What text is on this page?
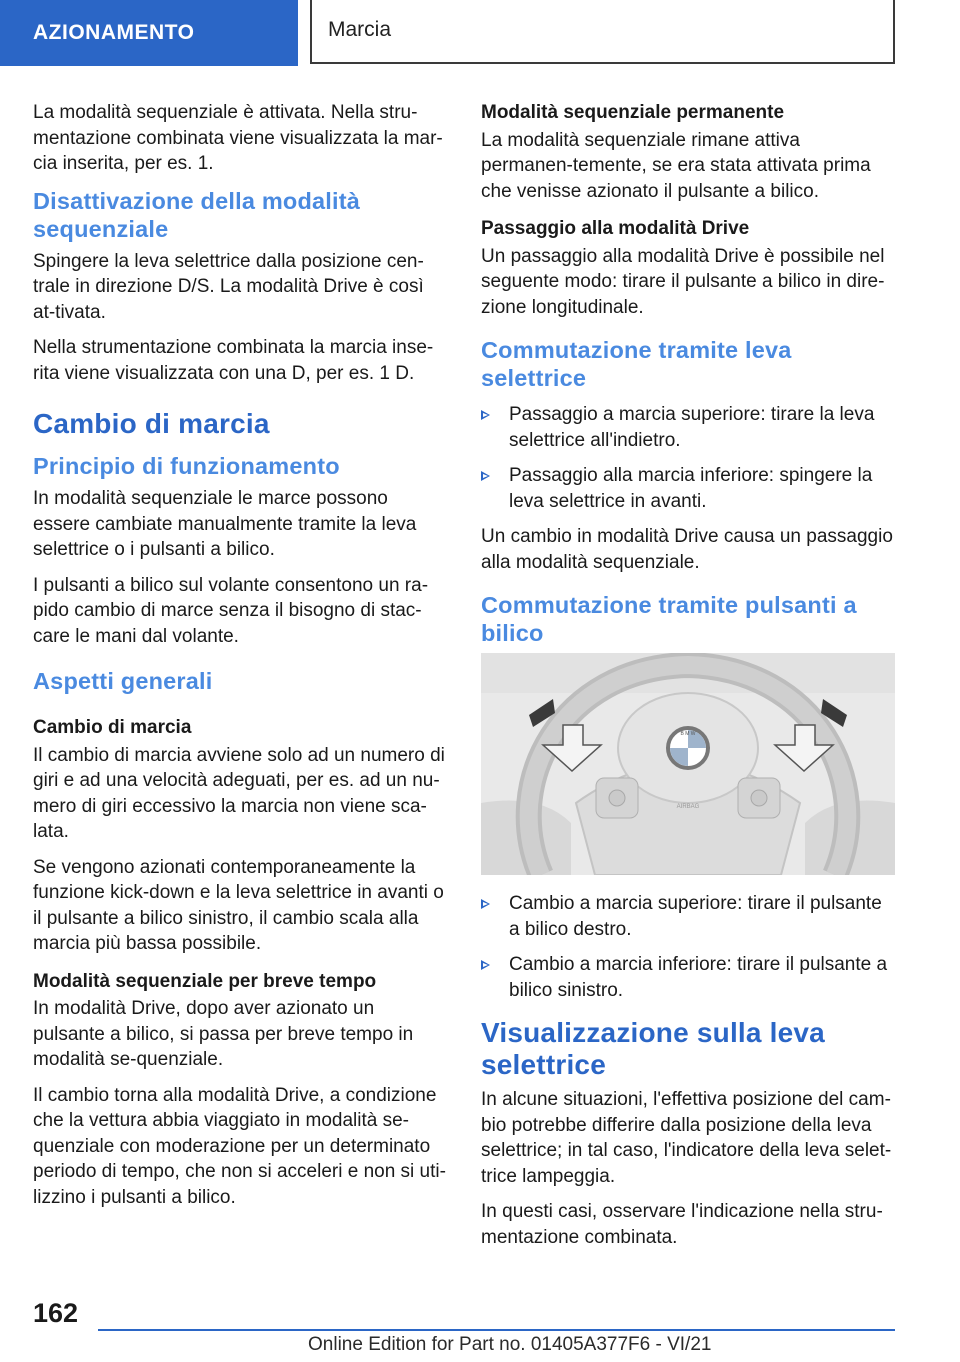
AZIONAMENTO	Marcia

La modalità sequenziale è attivata. Nella stru-mentazione combinata viene visualizzata la mar-cia inserita, per es. 1.

Disattivazione della modalità sequenziale

Spingere la leva selettrice dalla posizione cen-trale in direzione D/S. La modalità Drive è così at-tivata.

Nella strumentazione combinata la marcia inse-rita viene visualizzata con una D, per es. 1 D.

Cambio di marcia
Principio di funzionamento

In modalità sequenziale le marce possono essere cambiate manualmente tramite la leva selettrice o i pulsanti a bilico.

I pulsanti a bilico sul volante consentono un ra-pido cambio di marce senza il bisogno di stac-care le mani dal volante.

Aspetti generali
Cambio di marcia

Il cambio di marcia avviene solo ad un numero di giri e ad una velocità adeguati, per es. ad un nu-mero di giri eccessivo la marcia non viene sca-lata.

Se vengono azionati contemporaneamente la funzione kick-down e la leva selettrice in avanti o il pulsante a bilico sinistro, il cambio scala alla marcia più bassa possibile.

Modalità sequenziale per breve tempo

In modalità Drive, dopo aver azionato un pulsante a bilico, si passa per breve tempo in modalità se-quenziale.

Il cambio torna alla modalità Drive, a condizione che la vettura abbia viaggiato in modalità se-quenziale con moderazione per un determinato periodo di tempo, che non si acceleri e non si uti-lizzino i pulsanti a bilico.

Modalità sequenziale permanente

La modalità sequenziale rimane attiva permanen-temente, se era stata attivata prima che venisse azionato il pulsante a bilico.

Passaggio alla modalità Drive

Un passaggio alla modalità Drive è possibile nel seguente modo: tirare il pulsante a bilico in dire-zione longitudinale.

Commutazione tramite leva selettrice
Passaggio a marcia superiore: tirare la leva selettrice all'indietro.
Passaggio alla marcia inferiore: spingere la leva selettrice in avanti.

Un cambio in modalità Drive causa un passaggio alla modalità sequenziale.

Commutazione tramite pulsanti a bilico
B M W
AIRBAG
Cambio a marcia superiore: tirare il pulsante a bilico destro.
Cambio a marcia inferiore: tirare il pulsante a bilico sinistro.
Visualizzazione sulla leva selettrice

In alcune situazioni, l'effettiva posizione del cam-bio potrebbe differire dalla posizione della leva selettrice; in tal caso, l'indicatore della leva selet-trice lampeggia.

In questi casi, osservare l'indicazione nella stru-mentazione combinata.

162
Online Edition for Part no. 01405A377F6 - VI/21
